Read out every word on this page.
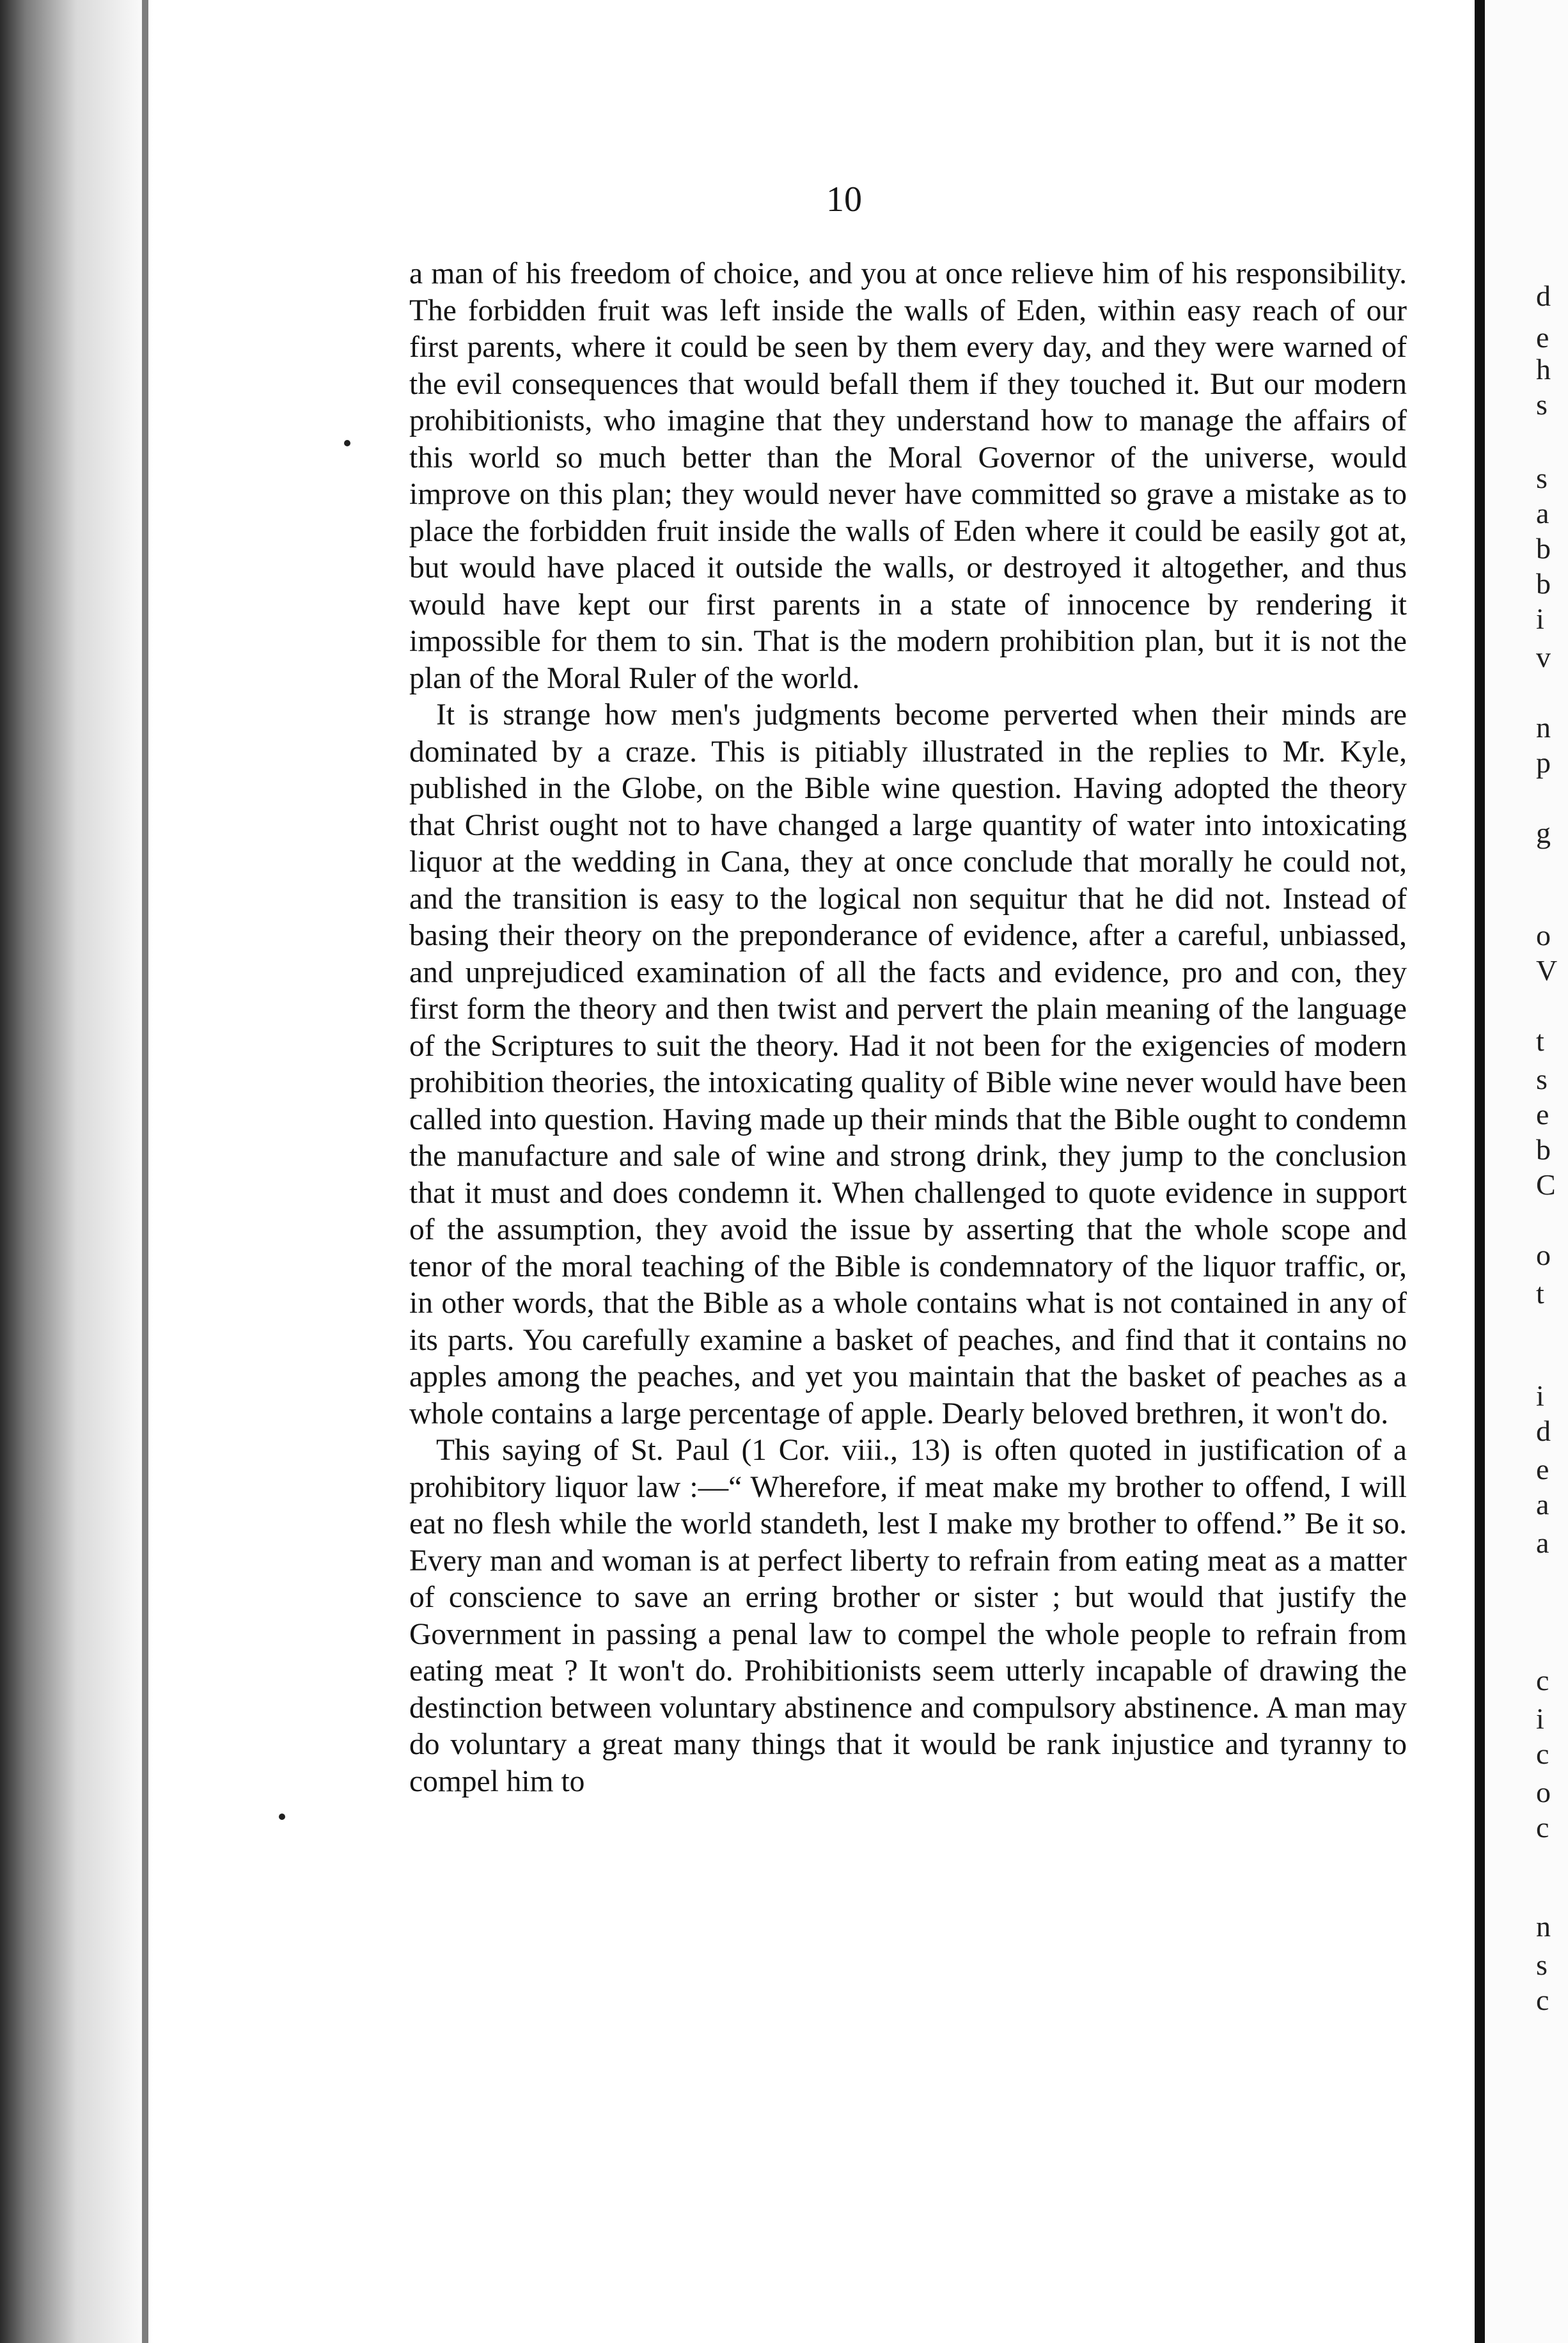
10

a man of his freedom of choice, and you at once relieve him of his responsibility. The forbidden fruit was left inside the walls of Eden, within easy reach of our first parents, where it could be seen by them every day, and they were warned of the evil consequences that would befall them if they touched it. But our modern prohibitionists, who imagine that they understand how to manage the affairs of this world so much better than the Moral Governor of the universe, would improve on this plan; they would never have committed so grave a mistake as to place the forbidden fruit inside the walls of Eden where it could be easily got at, but would have placed it outside the walls, or destroyed it altogether, and thus would have kept our first parents in a state of innocence by rendering it impossible for them to sin. That is the modern prohibition plan, but it is not the plan of the Moral Ruler of the world.

It is strange how men's judgments become perverted when their minds are dominated by a craze. This is pitiably illustrated in the replies to Mr. Kyle, published in the Globe, on the Bible wine question. Having adopted the theory that Christ ought not to have changed a large quantity of water into intoxicating liquor at the wedding in Cana, they at once conclude that morally he could not, and the transition is easy to the logical non sequitur that he did not. Instead of basing their theory on the preponderance of evidence, after a careful, unbiassed, and unprejudiced examination of all the facts and evidence, pro and con, they first form the theory and then twist and pervert the plain meaning of the language of the Scriptures to suit the theory. Had it not been for the exigencies of modern prohibition theories, the intoxicating quality of Bible wine never would have been called into question. Having made up their minds that the Bible ought to condemn the manufacture and sale of wine and strong drink, they jump to the conclusion that it must and does condemn it. When challenged to quote evidence in support of the assumption, they avoid the issue by asserting that the whole scope and tenor of the moral teaching of the Bible is condemnatory of the liquor traffic, or, in other words, that the Bible as a whole contains what is not contained in any of its parts. You carefully examine a basket of peaches, and find that it contains no apples among the peaches, and yet you maintain that the basket of peaches as a whole contains a large percentage of apple. Dearly beloved brethren, it won't do.

This saying of St. Paul (1 Cor. viii., 13) is often quoted in justification of a prohibitory liquor law :—“ Wherefore, if meat make my brother to offend, I will eat no flesh while the world standeth, lest I make my brother to offend.” Be it so. Every man and woman is at perfect liberty to refrain from eating meat as a matter of conscience to save an erring brother or sister ; but would that justify the Government in passing a penal law to compel the whole people to refrain from eating meat ? It won't do. Prohibitionists seem utterly incapable of drawing the destinction between voluntary abstinence and compulsory abstinence. A man may do voluntary a great many things that it would be rank injustice and tyranny to compel him to

d
e
h
s
s
a
b
b
i
v
n
p
g
o
V
t
s
e
b
C
o
t
i
d
e
a
a
c
i
c
o
c
n
s
c
